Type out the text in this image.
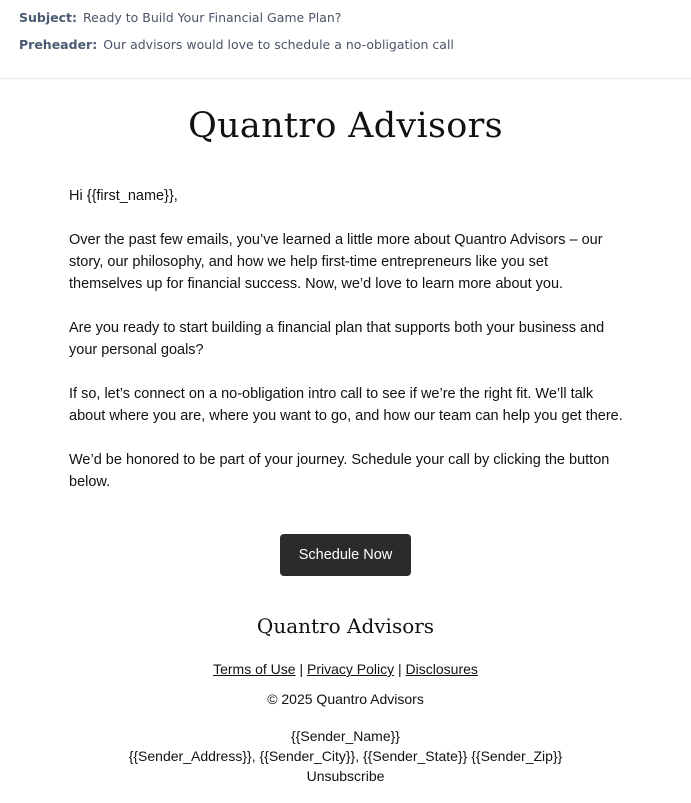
Subject: Ready to Build Your Financial Game Plan?
Preheader: Our advisors would love to schedule a no-obligation call
Quantro Advisors

Hi {{first_name}},

Over the past few emails, you’ve learned a little more about Quantro Advisors – our story, our philosophy, and how we help first-time entrepreneurs like you set themselves up for financial success. Now, we’d love to learn more about you.

Are you ready to start building a financial plan that supports both your business and your personal goals?

If so, let’s connect on a no-obligation intro call to see if we’re the right fit. We’ll talk about where you are, where you want to go, and how our team can help you get there.

We’d be honored to be part of your journey. Schedule your call by clicking the button below.

Schedule Now
Quantro Advisors
Terms of Use | Privacy Policy | Disclosures
© 2025 Quantro Advisors
{{Sender_Name}}
{{Sender_Address}}, {{Sender_City}}, {{Sender_State}} {{Sender_Zip}}
Unsubscribe
